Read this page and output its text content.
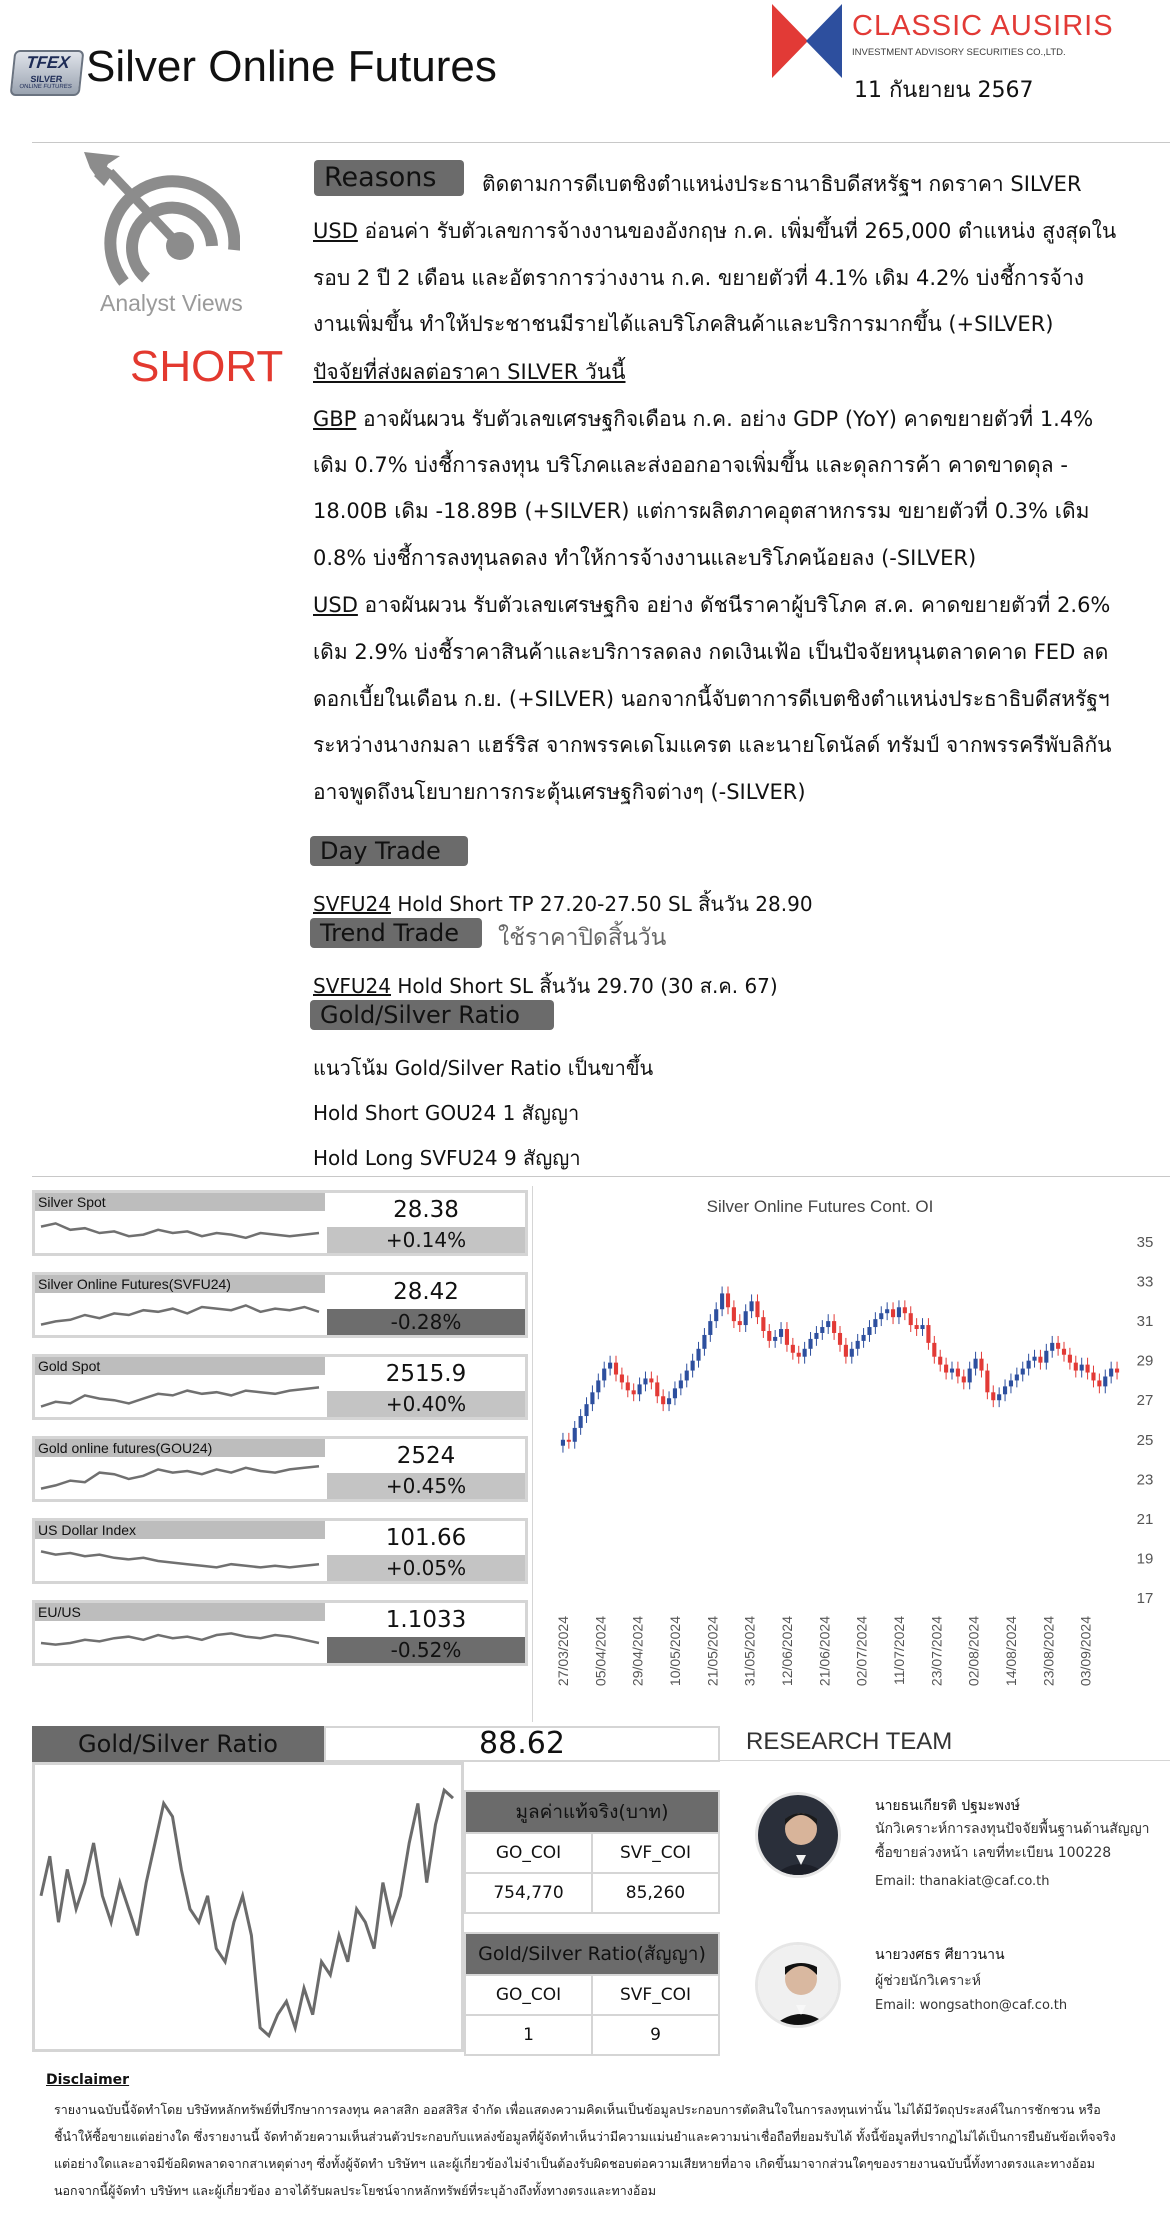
TFEX
SILVER
ONLINE FUTURES Silver Online Futures
CLASSIC AUSIRIS
INVESTMENT ADVISORY SECURITIES CO.,LTD.
11 กันยายน 2567
Analyst Views
SHORT
Reasons	ติดตามการดีเบตชิงตำแหน่งประธานาธิบดีสหรัฐฯ กดราคา SILVER
USD อ่อนค่า รับตัวเลขการจ้างงานของอังกฤษ ก.ค. เพิ่มขึ้นที่ 265,000 ตำแหน่ง สูงสุดใน
รอบ 2 ปี 2 เดือน และอัตราการว่างงาน ก.ค. ขยายตัวที่ 4.1% เดิม 4.2% บ่งชี้การจ้าง
งานเพิ่มขึ้น ทำให้ประชาชนมีรายได้แลบริโภคสินค้าและบริการมากขึ้น (+SILVER)
ปัจจัยที่ส่งผลต่อราคา SILVER วันนี้
GBP อาจผันผวน รับตัวเลขเศรษฐกิจเดือน ก.ค. อย่าง GDP (YoY) คาดขยายตัวที่ 1.4%
เดิม 0.7% บ่งชี้การลงทุน บริโภคและส่งออกอาจเพิ่มขึ้น และดุลการค้า คาดขาดดุล -
18.00B เดิม -18.89B (+SILVER) แต่การผลิตภาคอุตสาหกรรม ขยายตัวที่ 0.3% เดิม
0.8% บ่งชี้การลงทุนลดลง ทำให้การจ้างงานและบริโภคน้อยลง (-SILVER)
USD อาจผันผวน รับตัวเลขเศรษฐกิจ อย่าง ดัชนีราคาผู้บริโภค ส.ค. คาดขยายตัวที่ 2.6%
เดิม 2.9% บ่งชี้ราคาสินค้าและบริการลดลง กดเงินเฟ้อ เป็นปัจจัยหนุนตลาดคาด FED ลด
ดอกเบี้ยในเดือน ก.ย. (+SILVER) นอกจากนี้จับตาการดีเบตชิงตำแหน่งประธาธิบดีสหรัฐฯ
ระหว่างนางกมลา แฮร์ริส จากพรรคเดโมแครต และนายโดนัลด์ ทรัมป์ จากพรรครีพับลิกัน
อาจพูดถึงนโยบายการกระตุ้นเศรษฐกิจต่างๆ (-SILVER)
Day Trade
SVFU24 Hold Short TP 27.20-27.50 SL สิ้นวัน 28.90
Trend Trade	ใช้ราคาปิดสิ้นวัน
SVFU24 Hold Short SL สิ้นวัน 29.70 (30 ส.ค. 67)
Gold/Silver Ratio
แนวโน้ม Gold/Silver Ratio เป็นขาขึ้น
Hold Short GOU24 1 สัญญา
Hold Long SVFU24 9 สัญญา
Silver Spot	28.38
+0.14%
Silver Online Futures(SVFU24)	28.42
-0.28%
Gold Spot	2515.9
+0.40%
Gold online futures(GOU24)	2524
+0.45%
US Dollar Index	101.66
+0.05%
EU/US	1.1033
-0.52%
Silver Online Futures Cont. OI
17
19
21
23
25
27
29
31
33
35
27/03/2024 05/04/2024 29/04/2024 10/05/2024 21/05/2024 31/05/2024 12/06/2024 21/06/2024 02/07/2024 11/07/2024 23/07/2024 02/08/2024 14/08/2024 23/08/2024 03/09/2024
Gold/Silver Ratio	88.62
มูลค่าแท้จริง(บาท)
GO_COI	SVF_COI
754,770	85,260
Gold/Silver Ratio(สัญญา)
GO_COI	SVF_COI
1	9
RESEARCH TEAM
นายธนเกียรติ ปฐมะพงษ์
นักวิเคราะห์การลงทุนปัจจัยพื้นฐานด้านสัญญา
ซื้อขายล่วงหน้า เลขที่ทะเบียน 100228
Email: thanakiat@caf.co.th
นายวงศธร ศียาวนาน
ผู้ช่วยนักวิเคราะห์
Email: wongsathon@caf.co.th
Disclaimer
รายงานฉบับนี้จัดทำโดย บริษัทหลักทรัพย์ที่ปรึกษาการลงทุน คลาสสิก ออสสิริส จำกัด เพื่อแสดงความคิดเห็นเป็นข้อมูลประกอบการตัดสินใจในการลงทุนเท่านั้น ไม่ได้มีวัตถุประสงค์ในการชักชวน หรือ
ชี้นำให้ซื้อขายแต่อย่างใด ซึ่งรายงานนี้ จัดทำด้วยความเห็นส่วนตัวประกอบกับแหล่งข้อมูลที่ผู้จัดทำเห็นว่ามีความแม่นยำและความน่าเชื่อถือที่ยอมรับได้ ทั้งนี้ข้อมูลที่ปรากฏไม่ได้เป็นการยืนยันข้อเท็จจริง
แต่อย่างใดและอาจมีข้อผิดพลาดจากสาเหตุต่างๆ ซึ่งทั้งผู้จัดทำ บริษัทฯ และผู้เกี่ยวข้องไม่จำเป็นต้องรับผิดชอบต่อความเสียหายที่อาจ เกิดขึ้นมาจากส่วนใดๆของรายงานฉบับนี้ทั้งทางตรงและทางอ้อม
นอกจากนี้ผู้จัดทำ บริษัทฯ และผู้เกี่ยวข้อง อาจได้รับผลประโยชน์จากหลักทรัพย์ที่ระบุอ้างถึงทั้งทางตรงและทางอ้อม
